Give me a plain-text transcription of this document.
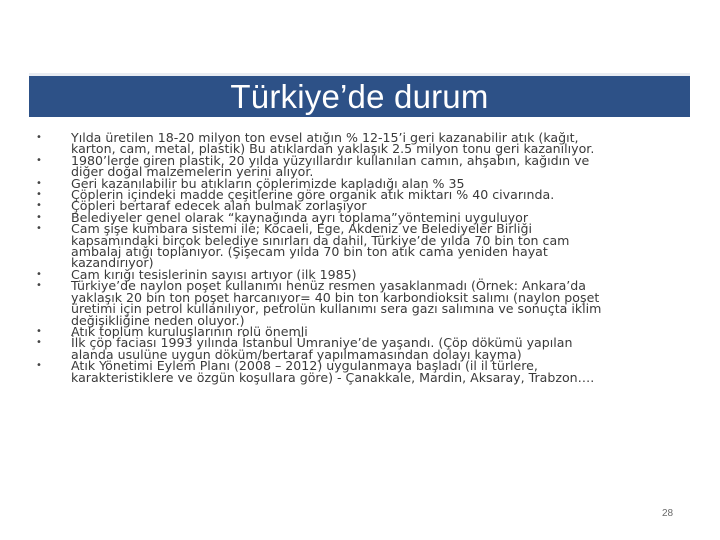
Türkiye’de durum
•	Yılda üretilen 18-20 milyon ton evsel atığın % 12-15’i geri kazanabilir atık (kağıt,
karton, cam, metal, plastik) Bu atıklardan yaklaşık 2.5 milyon tonu geri kazanılıyor.
•	1980’lerde giren plastik, 20 yılda yüzyıllardır kullanılan camın, ahşabın, kağıdın ve
diğer doğal malzemelerin yerini alıyor.
•	Geri kazanılabilir bu atıkların çöplerimizde kapladığı alan % 35
•	Çöplerin içindeki madde çeşitlerine göre organik atık miktarı % 40 civarında.
•	Çöpleri bertaraf edecek alan bulmak zorlaşıyor
•	Belediyeler genel olarak “kaynağında ayrı toplama”yöntemini uyguluyor
•	Cam şişe kumbara sistemi ile; Kocaeli, Ege, Akdeniz ve Belediyeler Birliği
kapsamındaki birçok belediye sınırları da dahil, Türkiye’de yılda 70 bin ton cam
ambalaj atığı toplanıyor. (Şişecam yılda 70 bin ton atık cama yeniden hayat
kazandırıyor)
•	Cam kırığı tesislerinin sayısı artıyor (ilk 1985)
•	Türkiye’de naylon poşet kullanımı henüz resmen yasaklanmadı (Örnek: Ankara’da
yaklaşık 20 bin ton poşet harcanıyor= 40 bin ton karbondioksit salımı (naylon poşet
üretimi için petrol kullanılıyor, petrolün kullanımı sera gazı salımına ve sonuçta iklim
değişikliğine neden oluyor.)
•	Atık toplum kuruluşlarının rolü önemli
•	İlk çöp faciası 1993 yılında İstanbul Ümraniye’de yaşandı. (Çöp dökümü yapılan
alanda usulüne uygun döküm/bertaraf yapılmamasından dolayı kayma)
•	Atık Yönetimi Eylem Planı (2008 – 2012) uygulanmaya başladı (il il türlere,
karakteristiklere ve özgün koşullara göre) - Çanakkale, Mardin, Aksaray, Trabzon….
28
